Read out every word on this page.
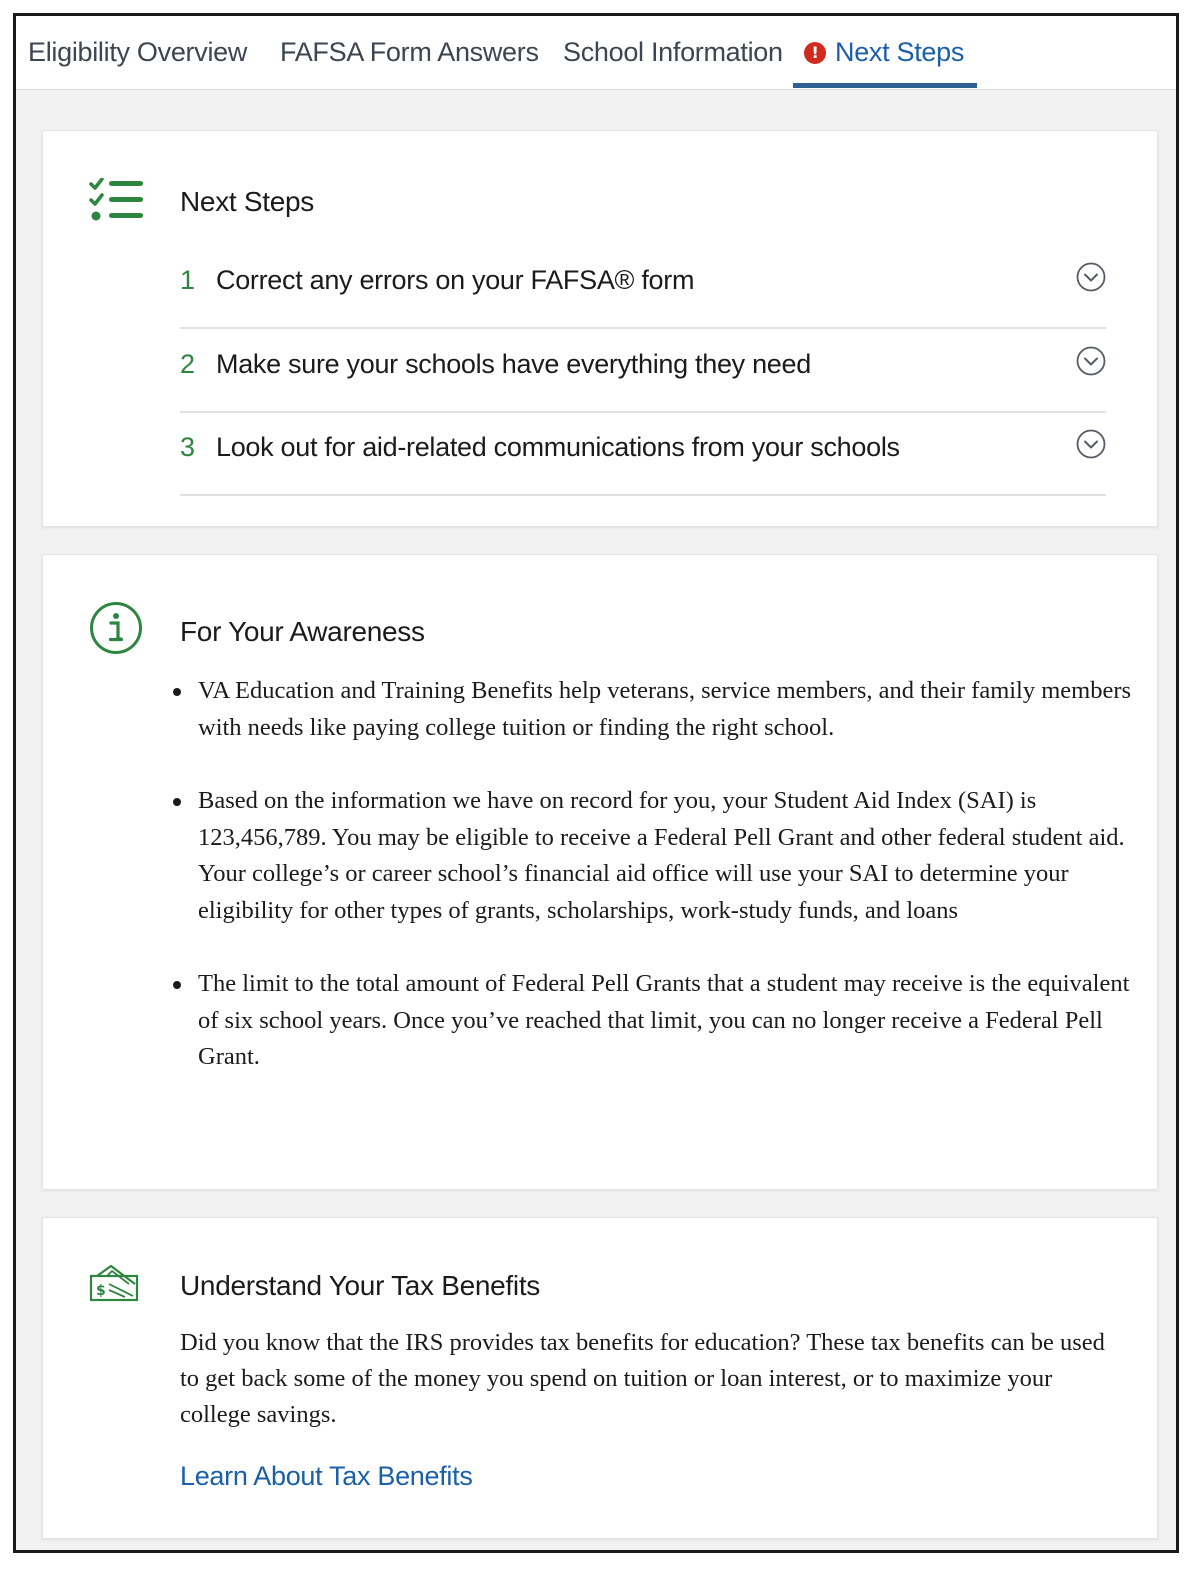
Eligibility Overview FAFSA Form Answers School Information	! Next Steps
Next Steps
1 Correct any errors on your FAFSA® form
2 Make sure your schools have everything they need
3 Look out for aid-related communications from your schools
For Your Awareness
VA Education and Training Benefits help veterans, service members, and their family members with needs like paying college tuition or finding the right school.
Based on the information we have on record for you, your Student Aid Index (SAI) is 123,456,789. You may be eligible to receive a Federal Pell Grant and other federal student aid. Your college’s or career school’s financial aid office will use your SAI to determine your eligibility for other types of grants, scholarships, work-study funds, and loans
The limit to the total amount of Federal Pell Grants that a student may receive is the equivalent of six school years. Once you’ve reached that limit, you can no longer receive a Federal Pell Grant.
$	Understand Your Tax Benefits

Did you know that the IRS provides tax benefits for education? These tax benefits can be used to get back some of the money you spend on tuition or loan interest, or to maximize your college savings.

Learn About Tax Benefits
